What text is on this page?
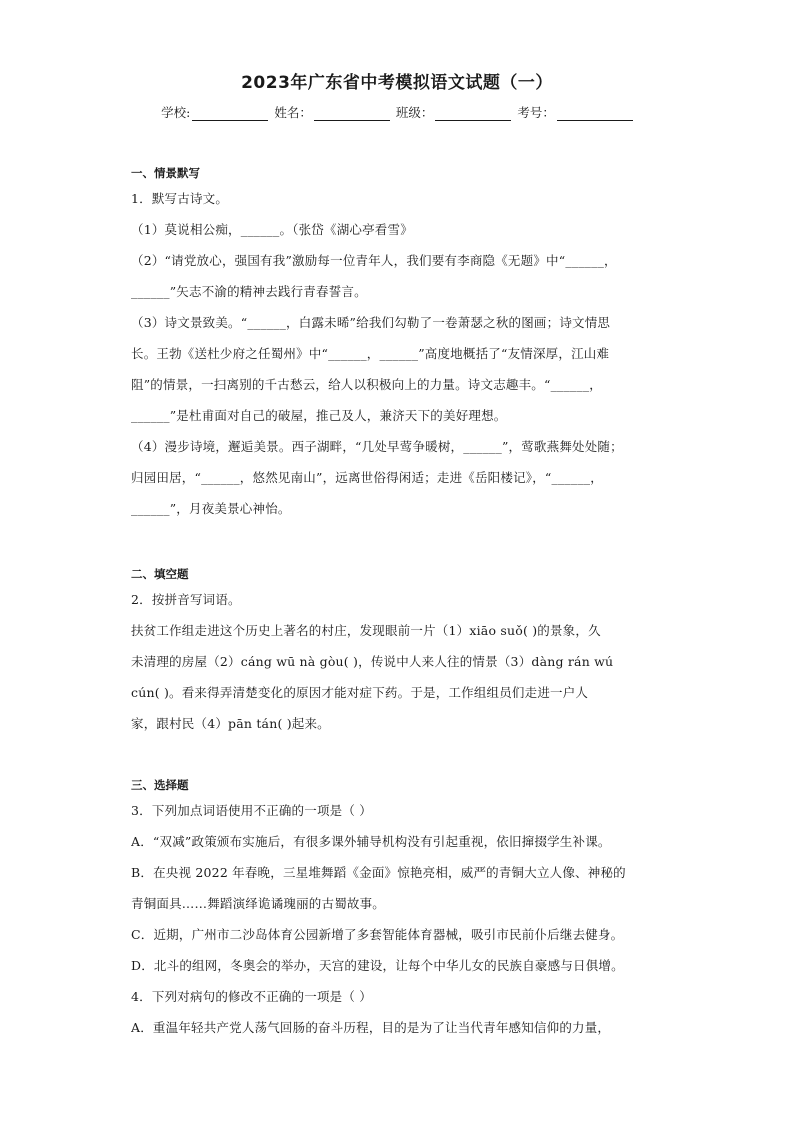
2023年广东省中考模拟语文试题（一）
学校:	姓名：	班级：	考号：
一、情景默写
1．默写古诗文。
（1）莫说相公痴，______。（张岱《湖心亭看雪》
（2）“请党放心，强国有我”激励每一位青年人，我们要有李商隐《无题》中“______，
______”矢志不渝的精神去践行青春誓言。
（3）诗文景致美。“______，白露未晞”给我们勾勒了一卷萧瑟之秋的图画；诗文情思
长。王勃《送杜少府之任蜀州》中“______，______”高度地概括了“友情深厚，江山难
阻”的情景，一扫离别的千古愁云，给人以积极向上的力量。诗文志趣丰。“______，
______”是杜甫面对自己的破屋，推己及人，兼济天下的美好理想。
（4）漫步诗境，邂逅美景。西子湖畔，“几处早莺争暖树，______”，莺歌燕舞处处随；
归园田居，“______，悠然见南山”，远离世俗得闲适；走进《岳阳楼记》，“______，
______”，月夜美景心神怡。
二、填空题
2．按拼音写词语。
扶贫工作组走进这个历史上著名的村庄，发现眼前一片（1）xiāo suǒ( )的景象，久
未清理的房屋（2）cáng wū nà gòu( )，传说中人来人往的情景（3）dàng rán wú
cún( )。看来得弄清楚变化的原因才能对症下药。于是，工作组组员们走进一户人
家，跟村民（4）pān tán( )起来。
三、选择题
3．下列加点词语使用不正确的一项是（ ）
A．“双减”政策颁布实施后，有很多课外辅导机构没有引起重视，依旧撺掇学生补课。
B．在央视 2022 年春晚，三星堆舞蹈《金面》惊艳亮相，威严的青铜大立人像、神秘的
青铜面具……舞蹈演绎诡谲瑰丽的古蜀故事。
C．近期，广州市二沙岛体育公园新增了多套智能体育器械，吸引市民前仆后继去健身。
D．北斗的组网，冬奥会的举办，天宫的建设，让每个中华儿女的民族自豪感与日俱增。
4．下列对病句的修改不正确的一项是（ ）
A．重温年轻共产党人荡气回肠的奋斗历程，目的是为了让当代青年感知信仰的力量，
